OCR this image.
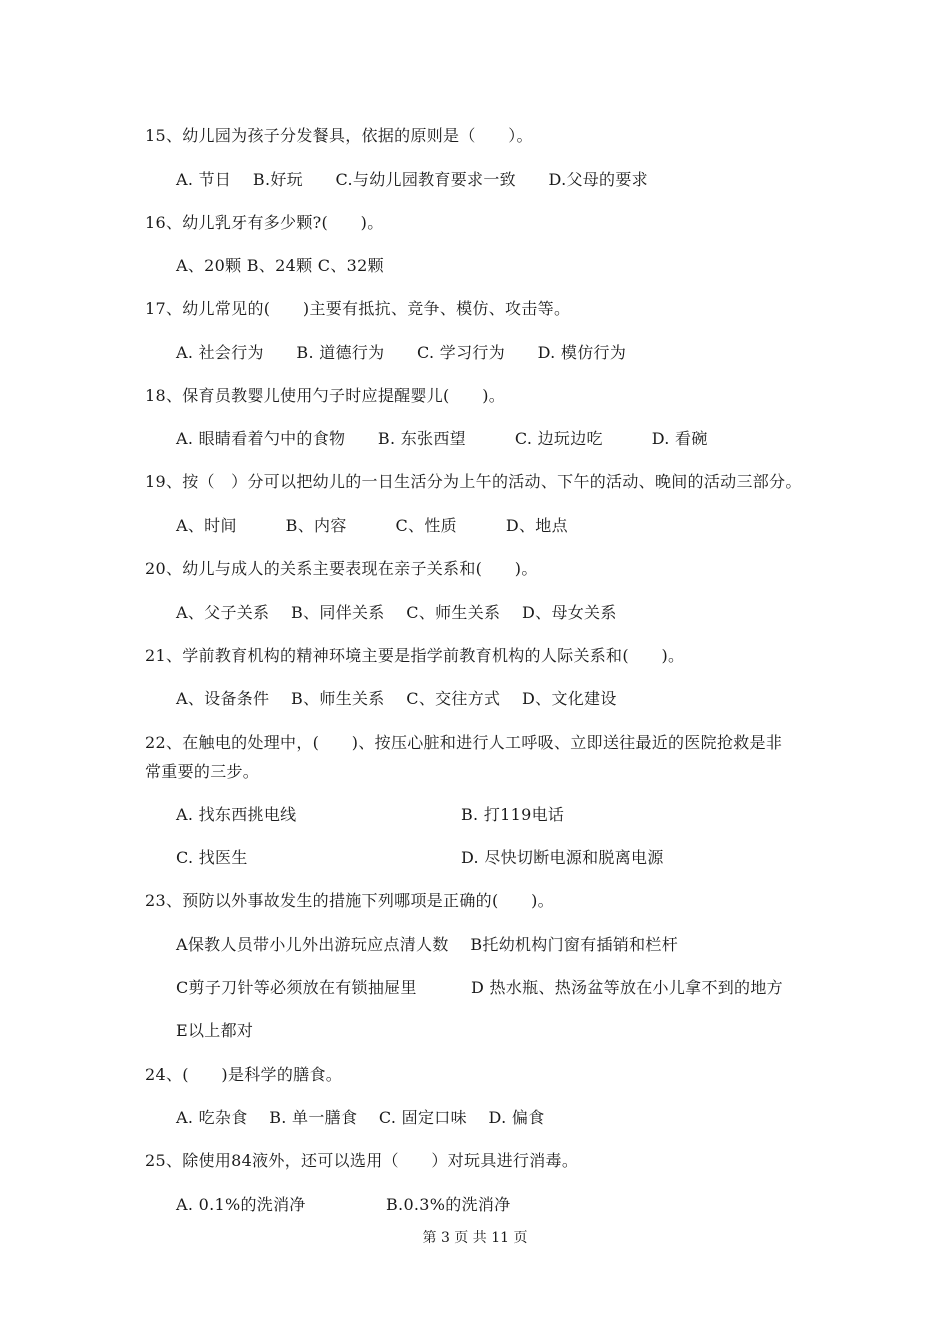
15、幼儿园为孩子分发餐具，依据的原则是（　　）。
A. 节日　 B.好玩　　C.与幼儿园教育要求一致　　D.父母的要求
16、幼儿乳牙有多少颗?(　　)。
A、20颗 B、24颗 C、32颗
17、幼儿常见的(　　)主要有抵抗、竞争、模仿、攻击等。
A. 社会行为　　B. 道德行为　　C. 学习行为　　D. 模仿行为
18、保育员教婴儿使用勺子时应提醒婴儿(　　)。
A. 眼睛看着勺中的食物　　B. 东张西望　　　C. 边玩边吃　　　D. 看碗
19、按（　）分可以把幼儿的一日生活分为上午的活动、下午的活动、晚间的活动三部分。
A、时间　　　B、内容　　　C、性质　　　D、地点
20、幼儿与成人的关系主要表现在亲子关系和(　　)。
A、父子关系　 B、同伴关系　 C、师生关系　 D、母女关系
21、学前教育机构的精神环境主要是指学前教育机构的人际关系和(　　)。
A、设备条件　 B、师生关系　 C、交往方式　 D、文化建设
22、在触电的处理中，(　　)、按压心脏和进行人工呼吸、立即送往最近的医院抢救是非
常重要的三步。
A. 找东西挑电线	B. 打119电话
C. 找医生	D. 尽快切断电源和脱离电源
23、预防以外事故发生的措施下列哪项是正确的(　　)。
A保教人员带小儿外出游玩应点清人数　 B托幼机构门窗有插销和栏杆
C剪子刀针等必须放在有锁抽屉里　　　 D 热水瓶、热汤盆等放在小儿拿不到的地方
E以上都对
24、(　　)是科学的膳食。
A. 吃杂食　 B. 单一膳食　 C. 固定口味　 D. 偏食
25、除使用84液外，还可以选用（　　）对玩具进行消毒。
A. 0.1%的洗消净	B.0.3%的洗消净
第 3 页 共 11 页
